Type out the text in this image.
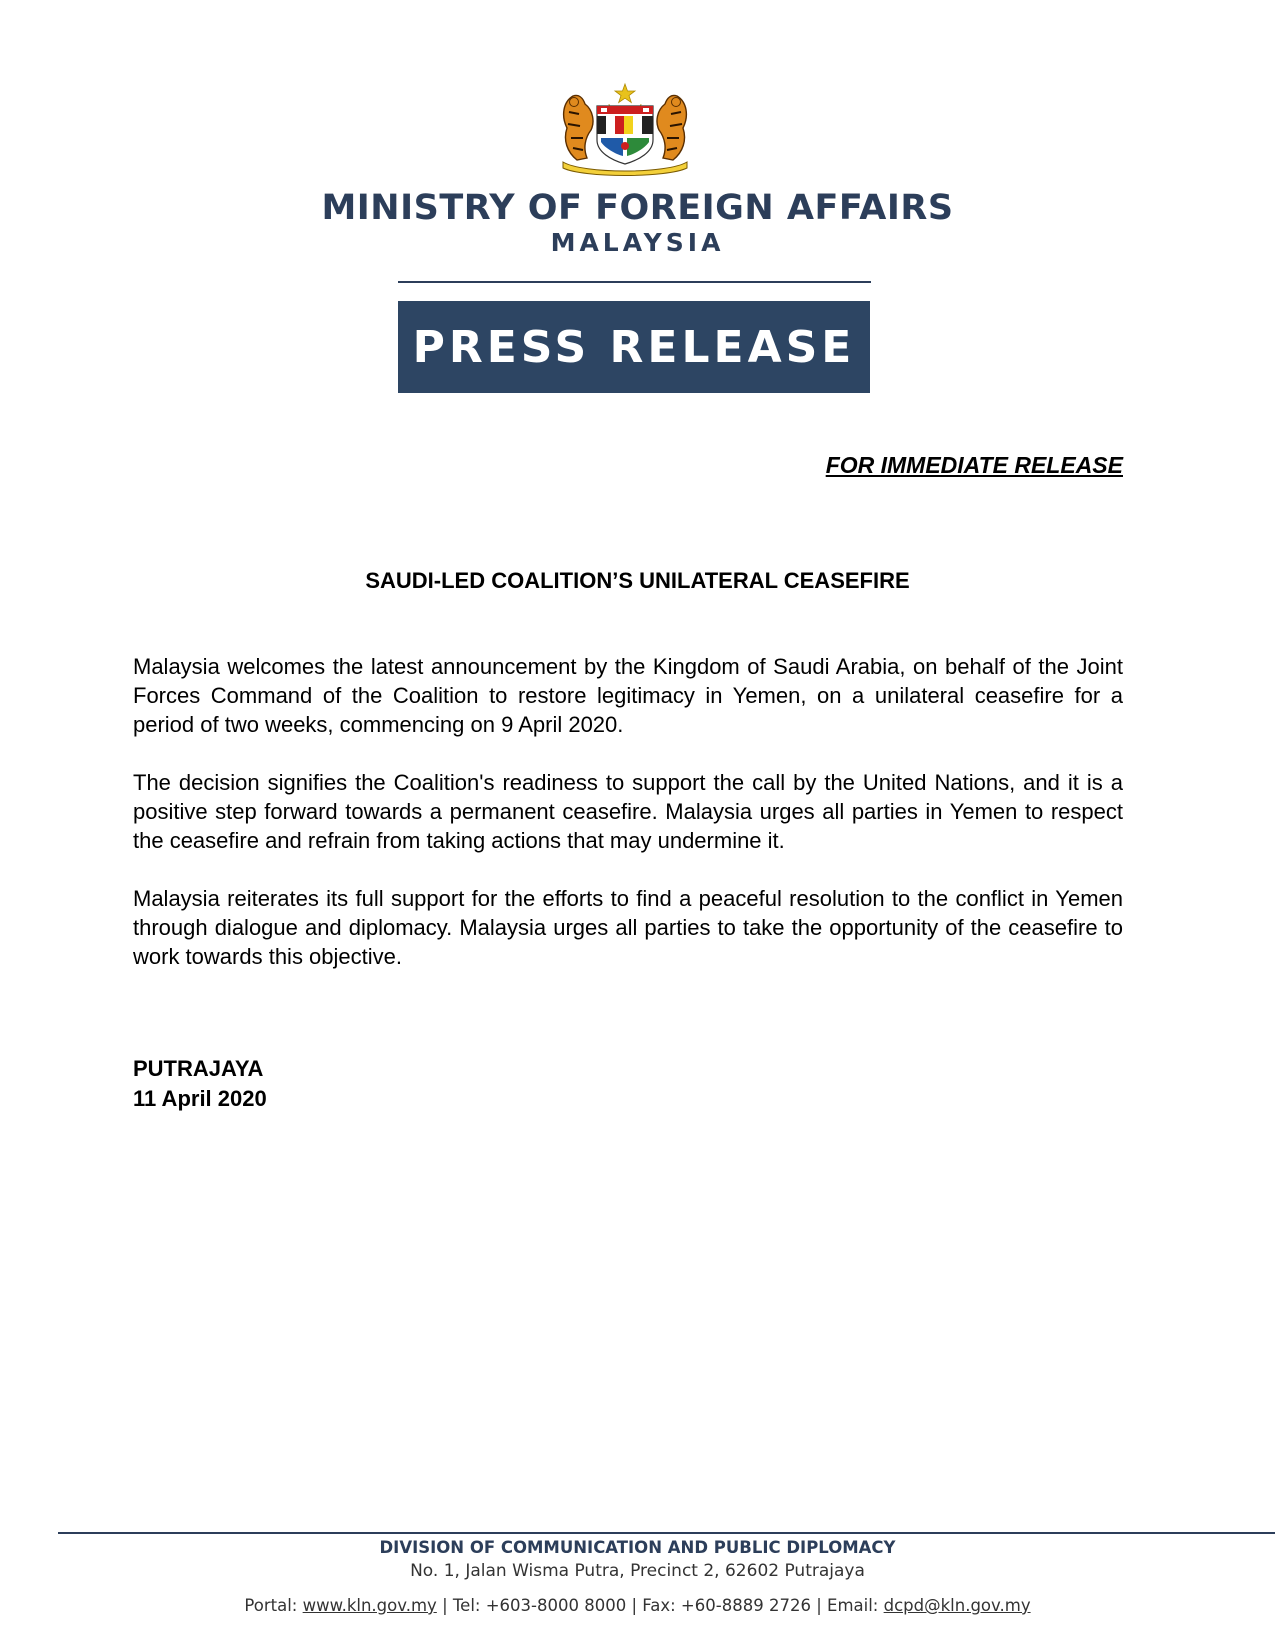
MINISTRY OF FOREIGN AFFAIRS
MALAYSIA
PRESS RELEASE
FOR IMMEDIATE RELEASE
SAUDI-LED COALITION’S UNILATERAL CEASEFIRE

Malaysia welcomes the latest announcement by the Kingdom of Saudi Arabia, on behalf of the Joint Forces Command of the Coalition to restore legitimacy in Yemen, on a unilateral ceasefire for a period of two weeks, commencing on 9 April 2020.

The decision signifies the Coalition's readiness to support the call by the United Nations, and it is a positive step forward towards a permanent ceasefire. Malaysia urges all parties in Yemen to respect the ceasefire and refrain from taking actions that may undermine it.

Malaysia reiterates its full support for the efforts to find a peaceful resolution to the conflict in Yemen through dialogue and diplomacy. Malaysia urges all parties to take the opportunity of the ceasefire to work towards this objective.

PUTRAJAYA
11 April 2020
DIVISION OF COMMUNICATION AND PUBLIC DIPLOMACY
No. 1, Jalan Wisma Putra, Precinct 2, 62602 Putrajaya
Portal: www.kln.gov.my | Tel: +603-8000 8000 | Fax: +60-8889 2726 | Email: dcpd@kln.gov.my
